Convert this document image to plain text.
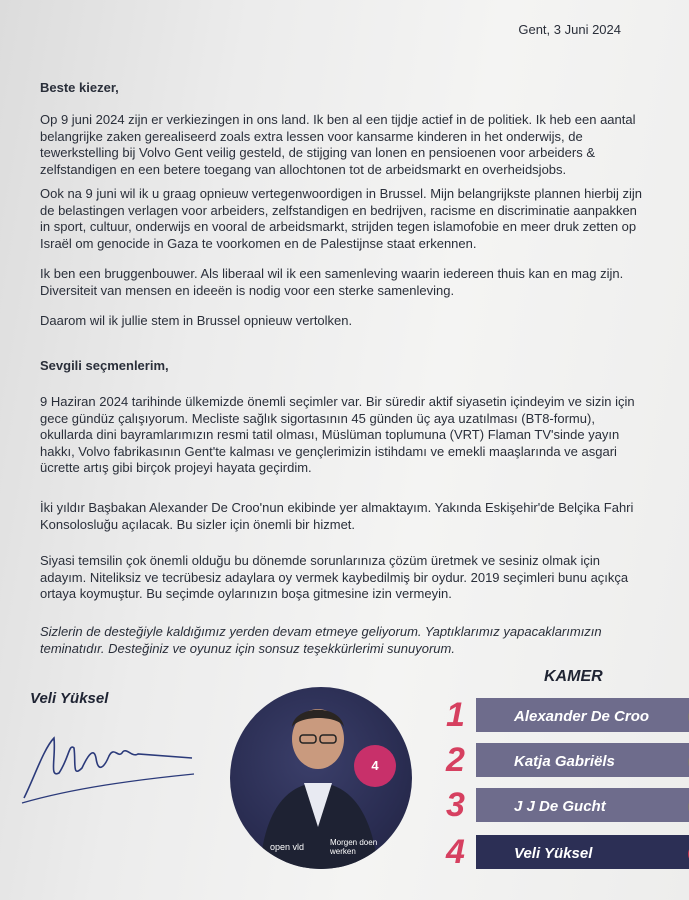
Gent, 3 Juni 2024

Beste kiezer,

Op 9 juni 2024 zijn er verkiezingen in ons land. Ik ben al een tijdje actief in de politiek. Ik heb een aantal belangrijke zaken gerealiseerd zoals extra lessen voor kansarme kinderen in het onderwijs, de tewerkstelling bij Volvo Gent veilig gesteld, de stijging van lonen en pensioenen voor arbeiders & zelfstandigen en een betere toegang van allochtonen tot de arbeidsmarkt en overheidsjobs.

Ook na 9 juni wil ik u graag opnieuw vertegenwoordigen in Brussel. Mijn belangrijkste plannen hierbij zijn de belastingen verlagen voor arbeiders, zelfstandigen en bedrijven, racisme en discriminatie aanpakken in sport, cultuur, onderwijs en vooral de arbeidsmarkt, strijden tegen islamofobie en meer druk zetten op Israël om genocide in Gaza te voorkomen en de Palestijnse staat erkennen.

Ik ben een bruggenbouwer. Als liberaal wil ik een samenleving waarin iedereen thuis kan en mag zijn. Diversiteit van mensen en ideeën is nodig voor een sterke samenleving.

Daarom wil ik jullie stem in Brussel opnieuw vertolken.

Sevgili seçmenlerim,

9 Haziran 2024 tarihinde ülkemizde önemli seçimler var. Bir süredir aktif siyasetin içindeyim ve sizin için gece gündüz çalışıyorum. Mecliste sağlık sigortasının 45 günden üç aya uzatılması (BT8-formu), okullarda dini bayramlarımızın resmi tatil olması, Müslüman toplumuna (VRT) Flaman TV'sinde yayın hakkı, Volvo fabrikasının Gent'te kalması ve gençlerimizin istihdamı ve emekli maaşlarında ve asgari ücrette artış gibi birçok projeyi hayata geçirdim.

İki yıldır Başbakan Alexander De Croo'nun ekibinde yer almaktayım. Yakında Eskişehir'de Belçika Fahri Konsolosluğu açılacak. Bu sizler için önemli bir hizmet.

Siyasi temsilin çok önemli olduğu bu dönemde sorunlarınıza çözüm üretmek ve sesiniz olmak için adayım. Niteliksiz ve tecrübesiz adaylara oy vermek kaybedilmiş bir oydur. 2019 seçimleri bunu açıkça ortaya koymuştur. Bu seçimde oylarınızın boşa gitmesine izin vermeyin.

Sizlerin de desteğiyle kaldığımız yerden devam etmeye geliyorum. Yaptıklarımız yapacaklarımızın teminatıdır. Desteğiniz ve oyunuz için sonsuz teşekkürlerimi sunuyorum.

Veli Yüksel
4
open vld	Morgen doen werken
KAMER
1	Alexander De Croo
2	Katja Gabriëls
3	J J De Gucht
4	Veli Yüksel
